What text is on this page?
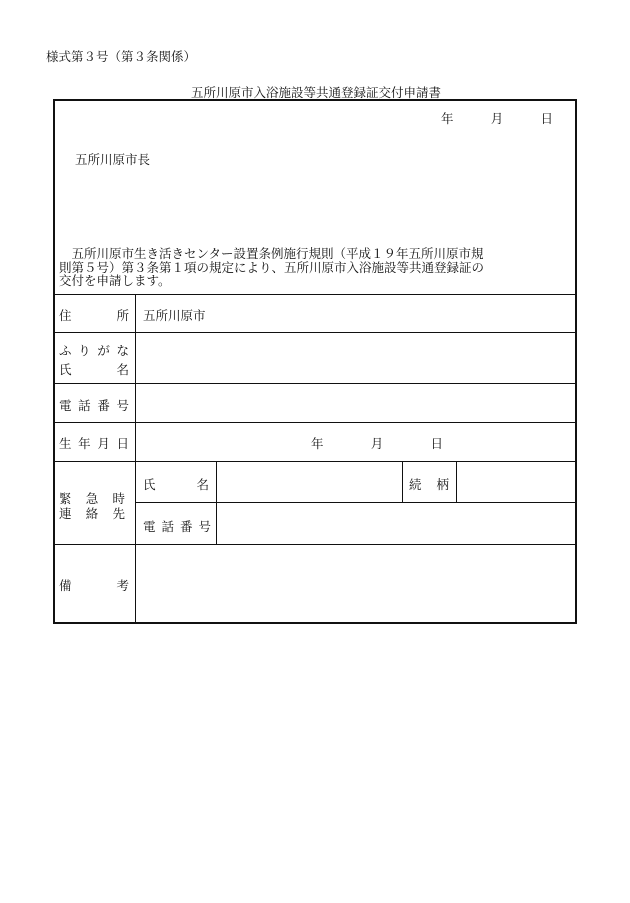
様式第３号（第３条関係）
五所川原市入浴施設等共通登録証交付申請書
年	月	日
五所川原市長
　五所川原市生き活きセンター設置条例施行規則（平成１９年五所川原市規
則第５号）第３条第１項の規定により、五所川原市入浴施設等共通登録証の
交付を申請します。
住	所 五所川原市
ふ り が な
氏	名
電 話 番 号
生 年 月 日	年	月	日
緊 急 時
連 絡 先
氏	名	続 柄
電 話 番 号
備	考
